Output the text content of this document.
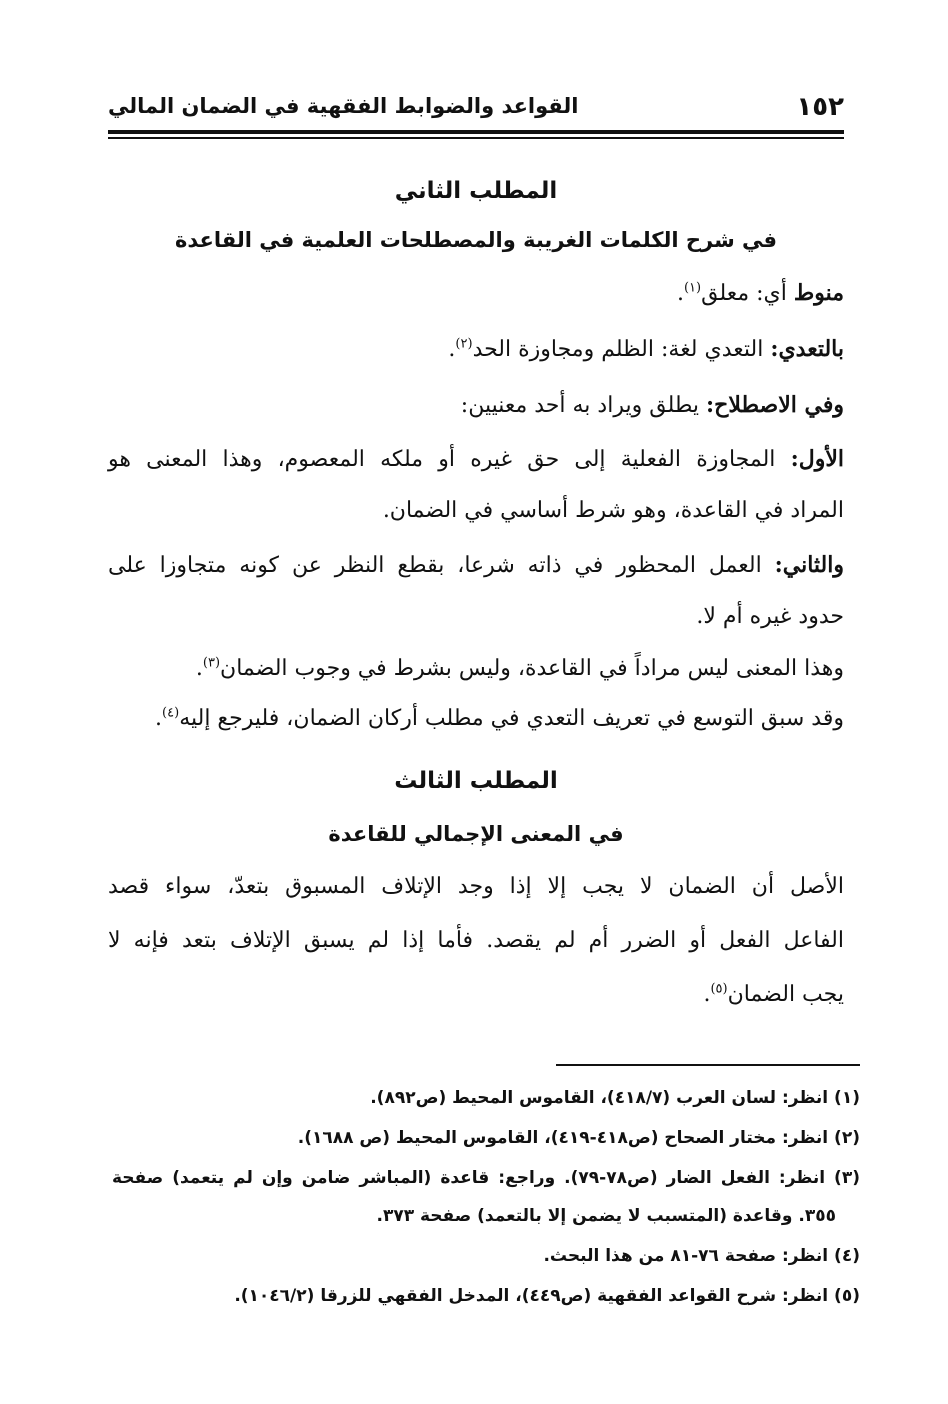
١٥٢
القواعد والضوابط الفقهية في الضمان المالي
المطلب الثاني
في شرح الكلمات الغريبة والمصطلحات العلمية في القاعدة
منوط أي: معلق$^{(١)}$.
بالتعدي: التعدي لغة: الظلم ومجاوزة الحد$^{(٢)}$.
وفي الاصطلاح: يطلق ويراد به أحد معنيين:
الأول: المجاوزة الفعلية إلى حق غيره أو ملكه المعصوم، وهذا المعنى هو
المراد في القاعدة، وهو شرط أساسي في الضمان.
والثاني: العمل المحظور في ذاته شرعا، بقطع النظر عن كونه متجاوزا على
حدود غيره أم لا.
وهذا المعنى ليس مراداً في القاعدة، وليس بشرط في وجوب الضمان$^{(٣)}$.
وقد سبق التوسع في تعريف التعدي في مطلب أركان الضمان، فليرجع إليه$^{(٤)}$.
المطلب الثالث
في المعنى الإجمالي للقاعدة
الأصل أن الضمان لا يجب إلا إذا وجد الإتلاف المسبوق بتعدّ، سواء قصد
الفاعل الفعل أو الضرر أم لم يقصد. فأما إذا لم يسبق الإتلاف بتعد فإنه لا
يجب الضمان$^{(٥)}$.
(١) انظر: لسان العرب (٤١٨/٧)، القاموس المحيط (ص٨٩٢).
(٢) انظر: مختار الصحاح (ص٤١٨-٤١٩)، القاموس المحيط (ص ١٦٨٨).
(٣) انظر: الفعل الضار (ص٧٨-٧٩). وراجع: قاعدة (المباشر ضامن وإن لم يتعمد) صفحة
٣٥٥. وقاعدة (المتسبب لا يضمن إلا بالتعمد) صفحة ٣٧٣.
(٤) انظر: صفحة ٧٦-٨١ من هذا البحث.
(٥) انظر: شرح القواعد الفقهية (ص٤٤٩)، المدخل الفقهي للزرقا (١٠٤٦/٢).
